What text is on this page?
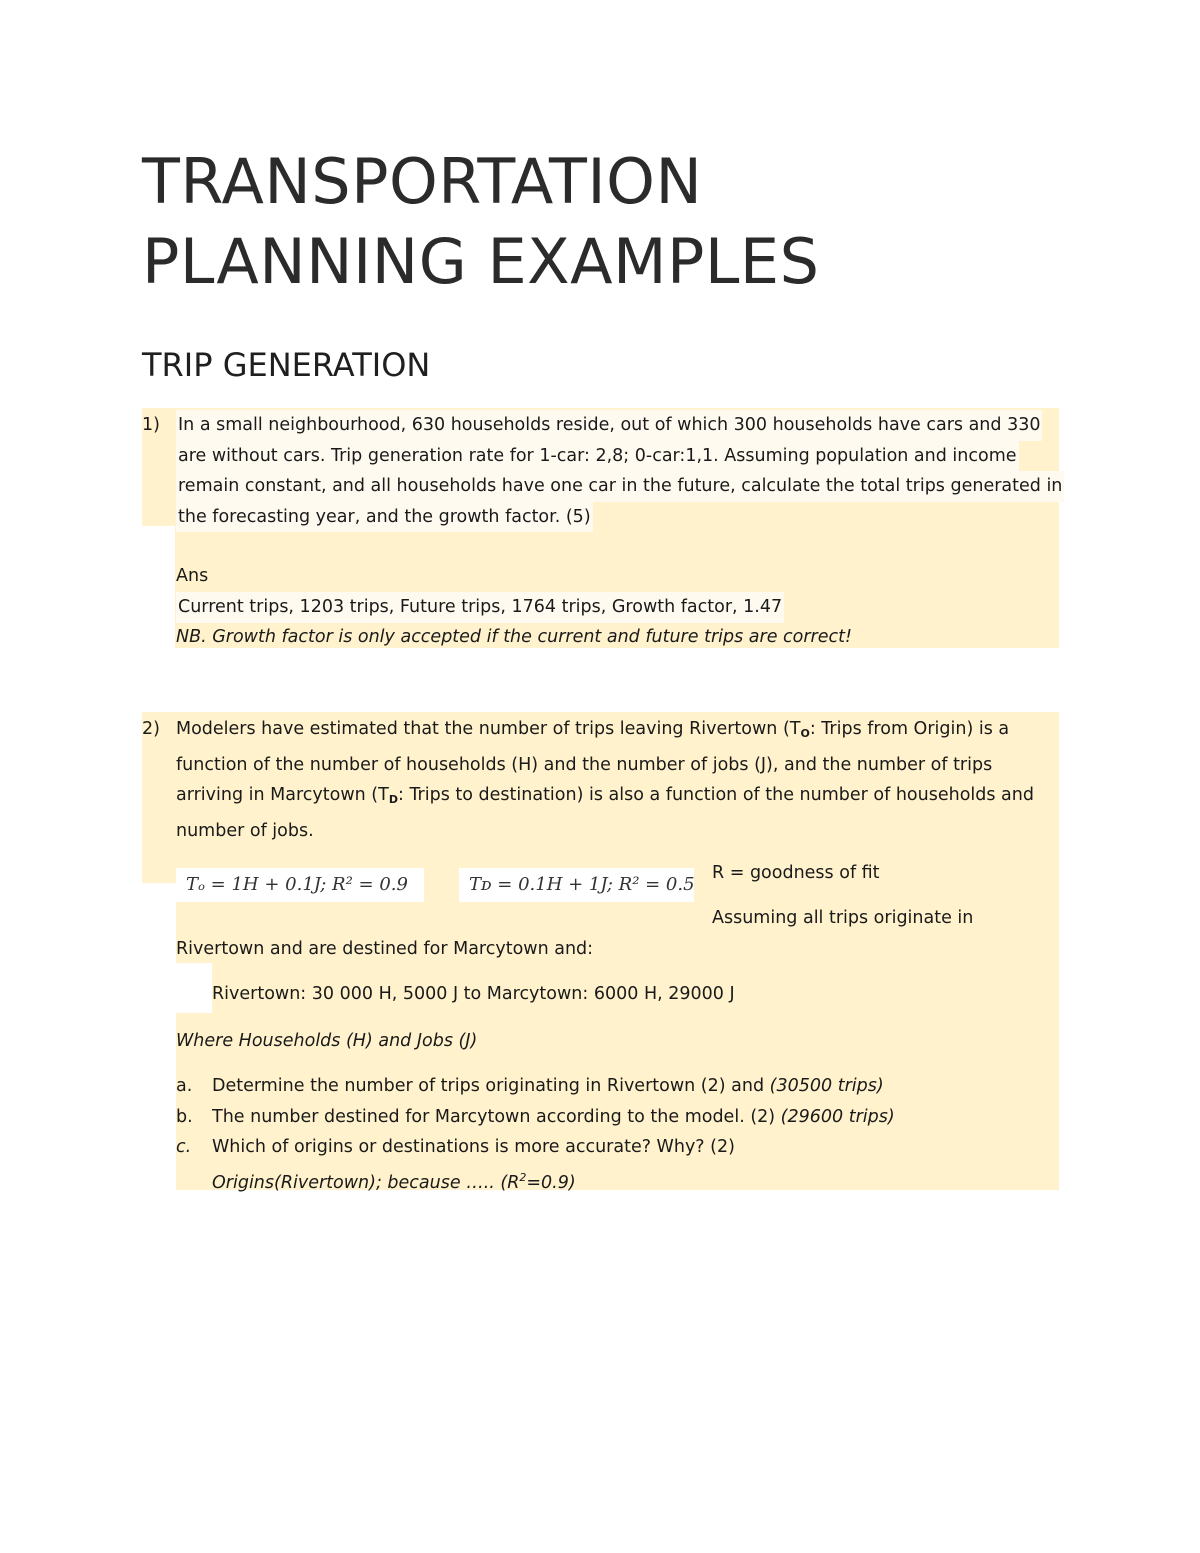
TRANSPORTATION
PLANNING EXAMPLES
TRIP GENERATION
1) In a small neighbourhood, 630 households reside, out of which 300 households have cars and 330
are without cars. Trip generation rate for 1-car: 2,8; 0-car:1,1. Assuming population and income
remain constant, and all households have one car in the future, calculate the total trips generated in
the forecasting year, and the growth factor. (5)
Ans
Current trips, 1203 trips, Future trips, 1764 trips, Growth factor, 1.47
NB. Growth factor is only accepted if the current and future trips are correct!
2) Modelers have estimated that the number of trips leaving Rivertown ($T_O$: Trips from Origin) is a
function of the number of households (H) and the number of jobs (J), and the number of trips
arriving in Marcytown ($T_D$: Trips to destination) is also a function of the number of households and
number of jobs.
Tₒ = 1H + 0.1J; R² = 0.9	Tᴅ = 0.1H + 1J; R² = 0.5
R = goodness of fit
Assuming all trips originate in
Rivertown and are destined for Marcytown and:
Rivertown: 30 000 H, 5000 J to Marcytown: 6000 H, 29000 J
Where Households (H) and Jobs (J)
a. Determine the number of trips originating in Rivertown (2) and (30500 trips)
b. The number destined for Marcytown according to the model. (2) (29600 trips)
c. Which of origins or destinations is more accurate? Why? (2)
Origins(Rivertown); because ….. $(R^2=0.9)$
